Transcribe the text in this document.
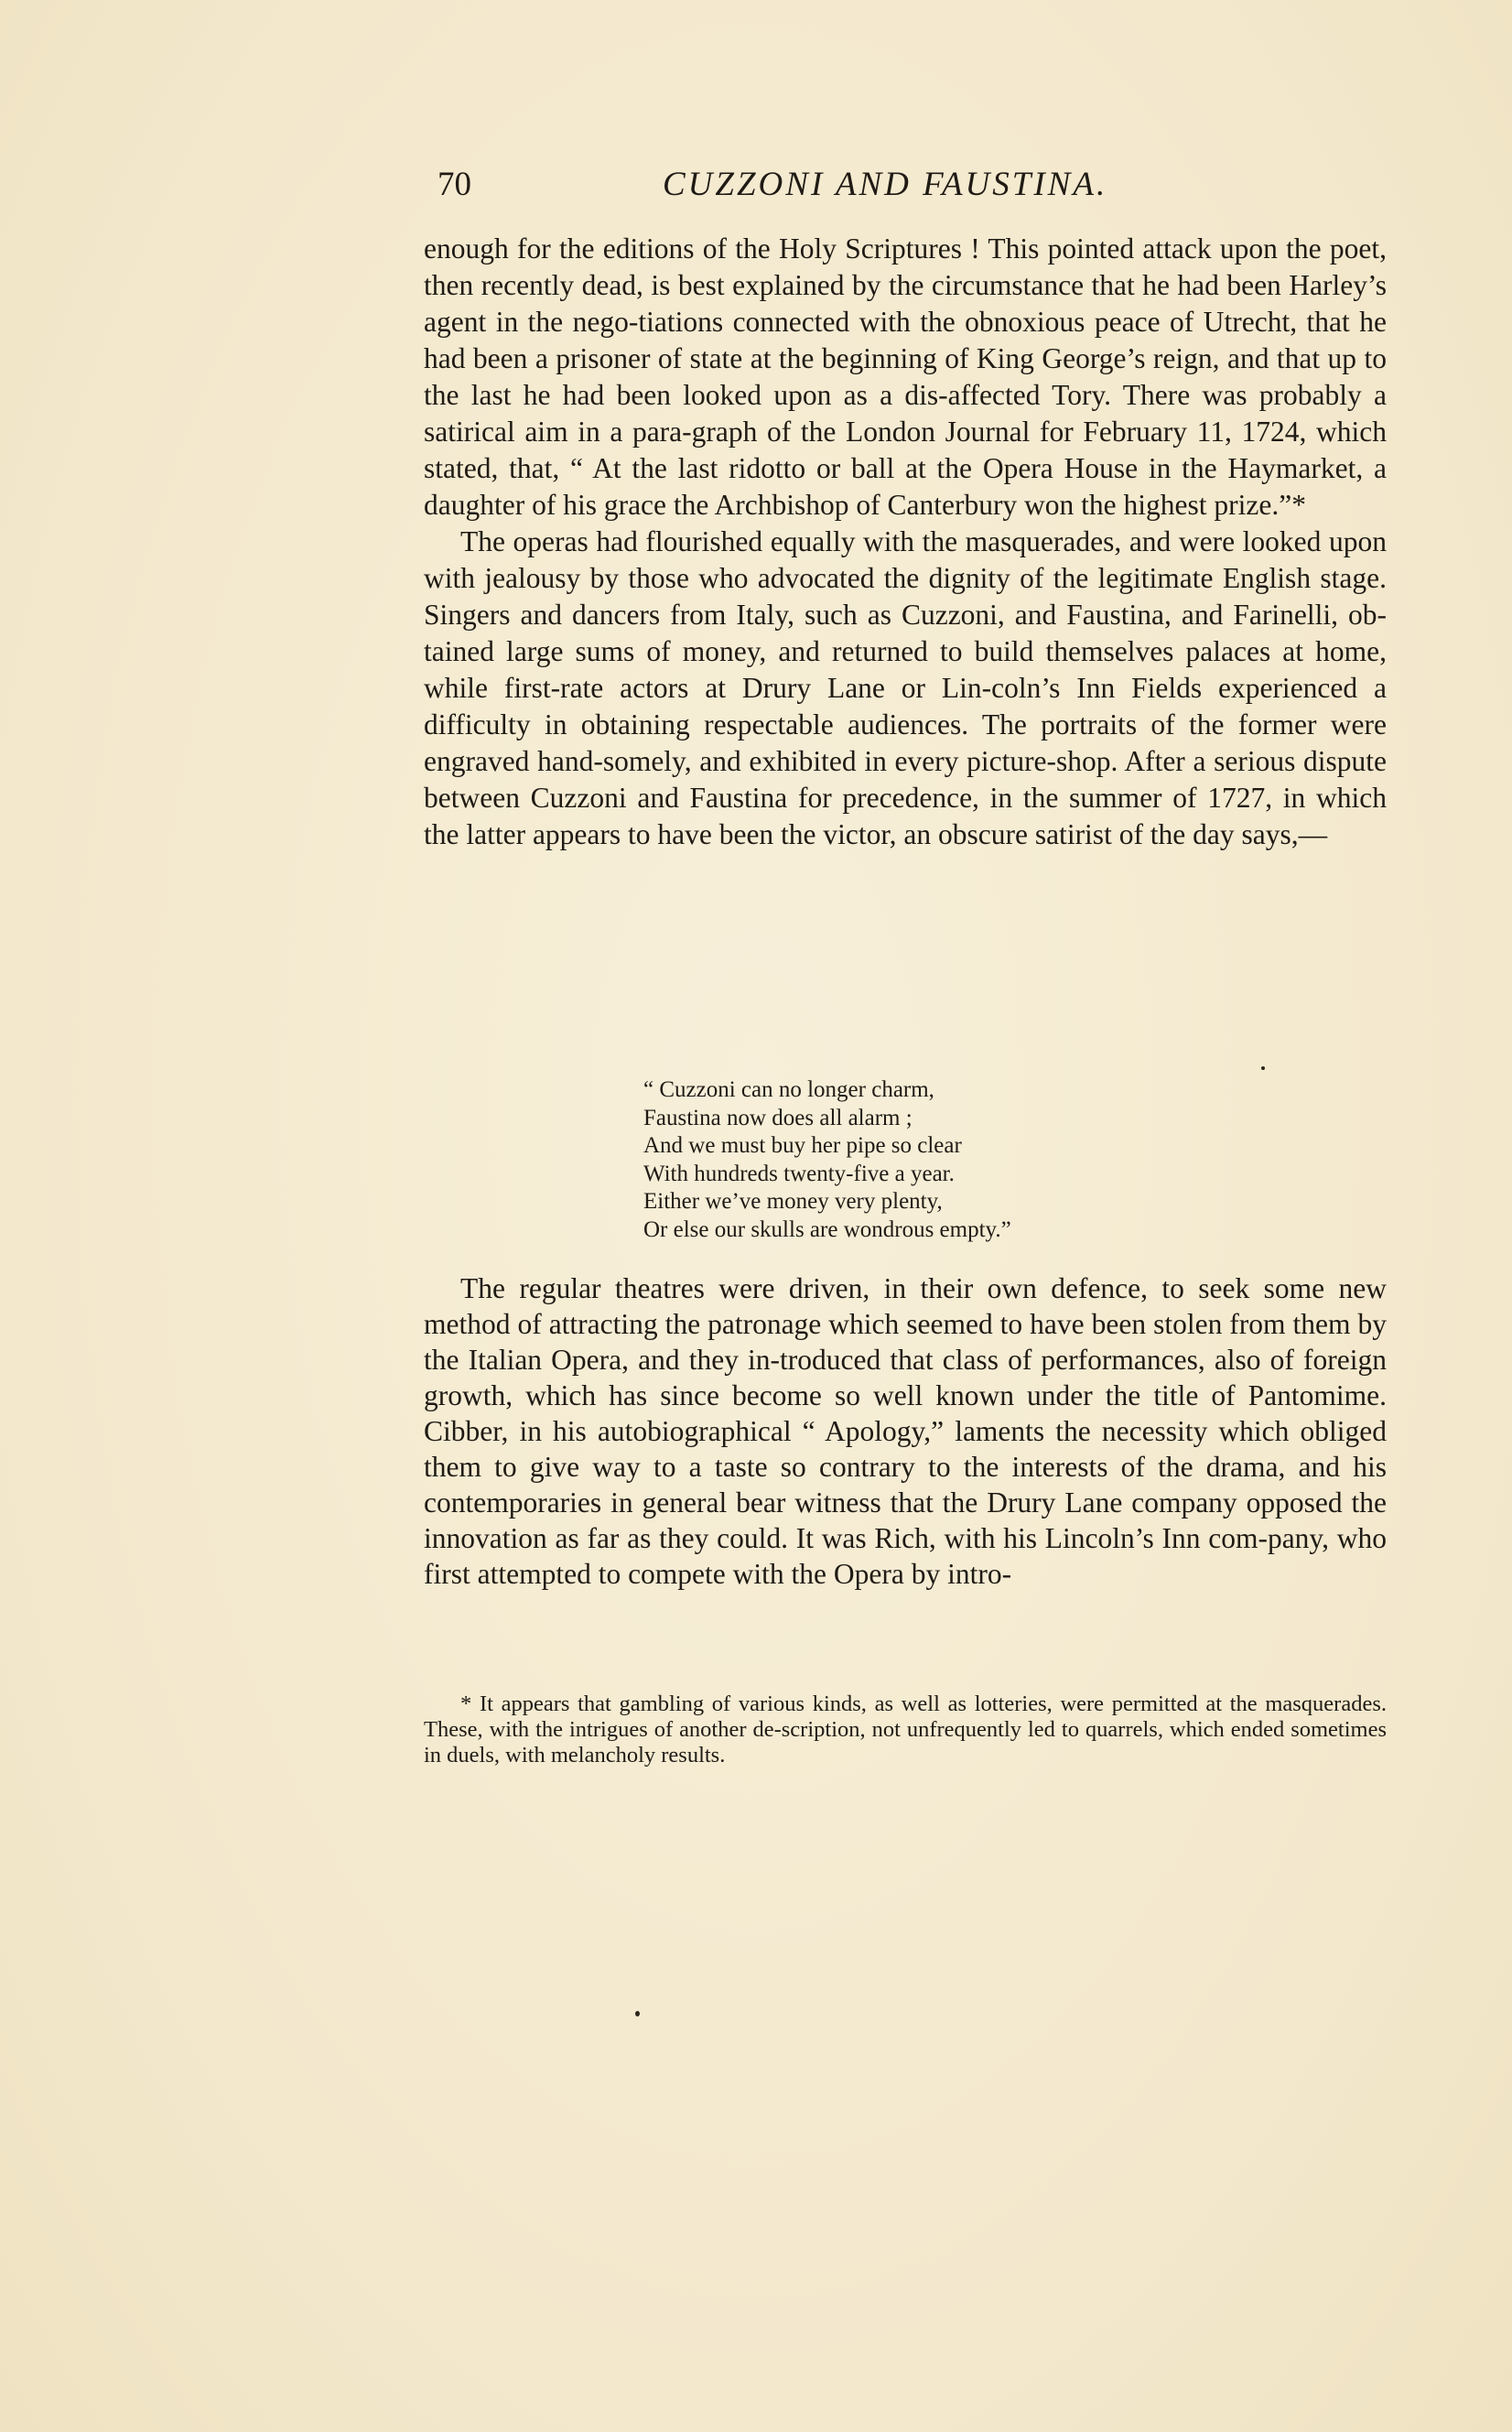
70	CUZZONI AND FAUSTINA.

enough for the editions of the Holy Scriptures ! This pointed attack upon the poet, then recently dead, is best explained by the circumstance that he had been Harley’s agent in the nego-tiations connected with the obnoxious peace of Utrecht, that he had been a prisoner of state at the beginning of King George’s reign, and that up to the last he had been looked upon as a dis-affected Tory. There was probably a satirical aim in a para-graph of the London Journal for February 11, 1724, which stated, that, “ At the last ridotto or ball at the Opera House in the Haymarket, a daughter of his grace the Archbishop of Canterbury won the highest prize.”*

The operas had flourished equally with the masquerades, and were looked upon with jealousy by those who advocated the dignity of the legitimate English stage. Singers and dancers from Italy, such as Cuzzoni, and Faustina, and Farinelli, ob-tained large sums of money, and returned to build themselves palaces at home, while first-rate actors at Drury Lane or Lin-coln’s Inn Fields experienced a difficulty in obtaining respectable audiences. The portraits of the former were engraved hand-somely, and exhibited in every picture-shop. After a serious dispute between Cuzzoni and Faustina for precedence, in the summer of 1727, in which the latter appears to have been the victor, an obscure satirist of the day says,—

“ Cuzzoni can no longer charm,
Faustina now does all alarm ;
And we must buy her pipe so clear
With hundreds twenty-five a year.
Either we’ve money very plenty,
Or else our skulls are wondrous empty.”

The regular theatres were driven, in their own defence, to seek some new method of attracting the patronage which seemed to have been stolen from them by the Italian Opera, and they in-troduced that class of performances, also of foreign growth, which has since become so well known under the title of Pantomime. Cibber, in his autobiographical “ Apology,” laments the necessity which obliged them to give way to a taste so contrary to the interests of the drama, and his contemporaries in general bear witness that the Drury Lane company opposed the innovation as far as they could. It was Rich, with his Lincoln’s Inn com-pany, who first attempted to compete with the Opera by intro-

* It appears that gambling of various kinds, as well as lotteries, were permitted at the masquerades. These, with the intrigues of another de-scription, not unfrequently led to quarrels, which ended sometimes in duels, with melancholy results.
